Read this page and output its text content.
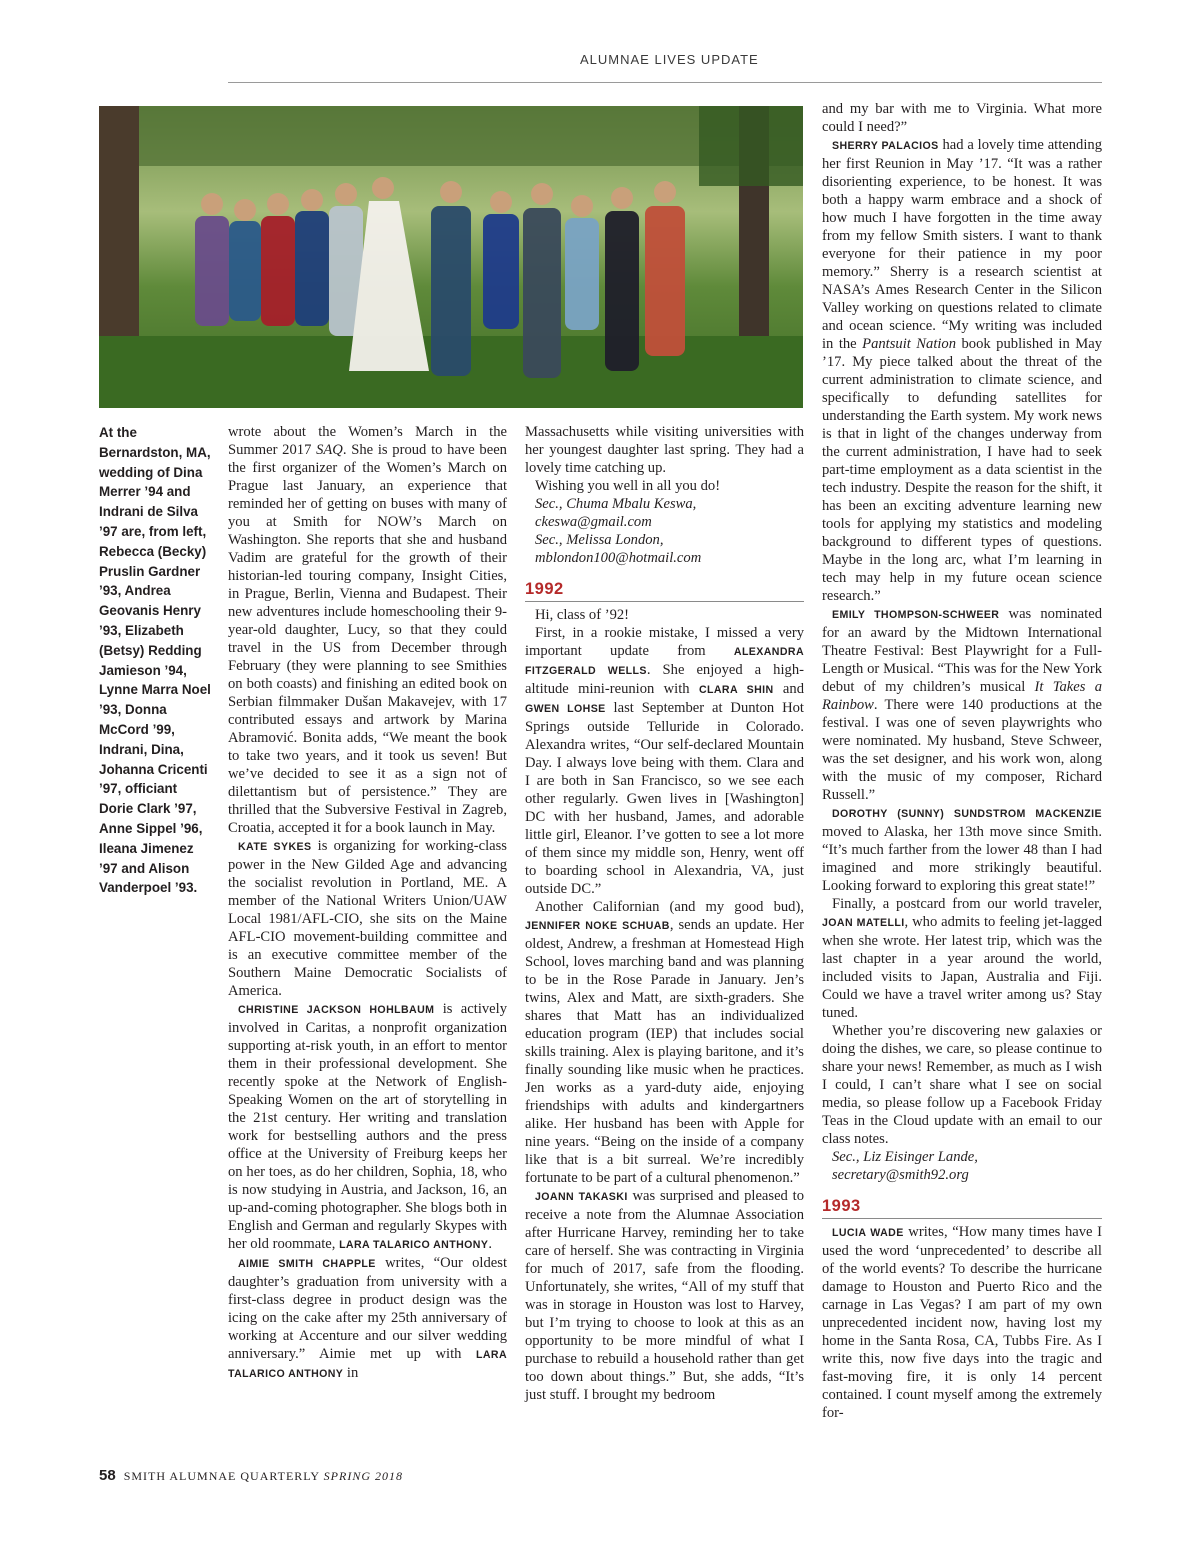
ALUMNAE LIVES UPDATE
At the Bernardston, MA, wedding of Dina Merrer ’94 and Indrani de Silva ’97 are, from left, Rebecca (Becky) Pruslin Gardner ’93, Andrea Geovanis Henry ’93, Elizabeth (Betsy) Redding Jamieson ’94, Lynne Marra Noel ’93, Donna McCord ’99, Indrani, Dina, Johanna Cricenti ’97, officiant Dorie Clark ’97, Anne Sippel ’96, Ileana Jimenez ’97 and Alison Vanderpoel ’93.

wrote about the Women’s March in the Summer 2017 SAQ. She is proud to have been the first organizer of the Women’s March on Prague last January, an experience that reminded her of getting on buses with many of you at Smith for NOW’s March on Washington. She reports that she and husband Vadim are grateful for the growth of their historian-led touring company, Insight Cities, in Prague, Berlin, Vienna and Budapest. Their new adventures include homeschooling their 9-year-old daughter, Lucy, so that they could travel in the US from December through February (they were planning to see Smithies on both coasts) and finishing an edited book on Serbian filmmaker Dušan Makavejev, with 17 contributed essays and artwork by Marina Abramović. Bonita adds, “We meant the book to take two years, and it took us seven! But we’ve decided to see it as a sign not of dilettantism but of persistence.” They are thrilled that the Subversive Festival in Zagreb, Croatia, accepted it for a book launch in May.

KATE SYKES is organizing for working-class power in the New Gilded Age and advancing the socialist revolution in Portland, ME. A member of the National Writers Union/UAW Local 1981/AFL-CIO, she sits on the Maine AFL-CIO movement-building committee and is an executive committee member of the Southern Maine Democratic Socialists of America.

CHRISTINE JACKSON HOHLBAUM is actively involved in Caritas, a nonprofit organization supporting at-risk youth, in an effort to mentor them in their professional development. She recently spoke at the Network of English-Speaking Women on the art of storytelling in the 21st century. Her writing and translation work for bestselling authors and the press office at the University of Freiburg keeps her on her toes, as do her children, Sophia, 18, who is now studying in Austria, and Jackson, 16, an up-and-coming photographer. She blogs both in English and German and regularly Skypes with her old roommate, LARA TALARICO ANTHONY.

AIMIE SMITH CHAPPLE writes, “Our oldest daughter’s graduation from university with a first-class degree in product design was the icing on the cake after my 25th anniversary of working at Accenture and our silver wedding anniversary.” Aimie met up with LARA TALARICO ANTHONY in

Massachusetts while visiting universities with her youngest daughter last spring. They had a lovely time catching up.

Wishing you well in all you do!

Sec., Chuma Mbalu Keswa,

ckeswa@gmail.com

Sec., Melissa London,

mblondon100@hotmail.com

1992

Hi, class of ’92!

First, in a rookie mistake, I missed a very important update from ALEXANDRA FITZGERALD WELLS. She enjoyed a high-altitude mini-reunion with CLARA SHIN and GWEN LOHSE last September at Dunton Hot Springs outside Telluride in Colorado. Alexandra writes, “Our self-declared Mountain Day. I always love being with them. Clara and I are both in San Francisco, so we see each other regularly. Gwen lives in [Washington] DC with her husband, James, and adorable little girl, Eleanor. I’ve gotten to see a lot more of them since my middle son, Henry, went off to boarding school in Alexandria, VA, just outside DC.”

Another Californian (and my good bud), JENNIFER NOKE SCHUAB, sends an update. Her oldest, Andrew, a freshman at Homestead High School, loves marching band and was planning to be in the Rose Parade in January. Jen’s twins, Alex and Matt, are sixth-graders. She shares that Matt has an individualized education program (IEP) that includes social skills training. Alex is playing baritone, and it’s finally sounding like music when he practices. Jen works as a yard-duty aide, enjoying friendships with adults and kindergartners alike. Her husband has been with Apple for nine years. “Being on the inside of a company like that is a bit surreal. We’re incredibly fortunate to be part of a cultural phenomenon.”

JOANN TAKASKI was surprised and pleased to receive a note from the Alumnae Association after Hurricane Harvey, reminding her to take care of herself. She was contracting in Virginia for much of 2017, safe from the flooding. Unfortunately, she writes, “All of my stuff that was in storage in Houston was lost to Harvey, but I’m trying to choose to look at this as an opportunity to be more mindful of what I purchase to rebuild a household rather than get too down about things.” But, she adds, “It’s just stuff. I brought my bedroom

and my bar with me to Virginia. What more could I need?”

SHERRY PALACIOS had a lovely time attending her first Reunion in May ’17. “It was a rather disorienting experience, to be honest. It was both a happy warm embrace and a shock of how much I have forgotten in the time away from my fellow Smith sisters. I want to thank everyone for their patience in my poor memory.” Sherry is a research scientist at NASA’s Ames Research Center in the Silicon Valley working on questions related to climate and ocean science. “My writing was included in the Pantsuit Nation book published in May ’17. My piece talked about the threat of the current administration to climate science, and specifically to defunding satellites for understanding the Earth system. My work news is that in light of the changes underway from the current administration, I have had to seek part-time employment as a data scientist in the tech industry. Despite the reason for the shift, it has been an exciting adventure learning new tools for applying my statistics and modeling background to different types of questions. Maybe in the long arc, what I’m learning in tech may help in my future ocean science research.”

EMILY THOMPSON-SCHWEER was nominated for an award by the Midtown International Theatre Festival: Best Playwright for a Full-Length or Musical. “This was for the New York debut of my children’s musical It Takes a Rainbow. There were 140 productions at the festival. I was one of seven playwrights who were nominated. My husband, Steve Schweer, was the set designer, and his work won, along with the music of my composer, Richard Russell.”

DOROTHY (SUNNY) SUNDSTROM MACKENZIE moved to Alaska, her 13th move since Smith. “It’s much farther from the lower 48 than I had imagined and more strikingly beautiful. Looking forward to exploring this great state!”

Finally, a postcard from our world traveler, JOAN MATELLI, who admits to feeling jet-lagged when she wrote. Her latest trip, which was the last chapter in a year around the world, included visits to Japan, Australia and Fiji. Could we have a travel writer among us? Stay tuned.

Whether you’re discovering new galaxies or doing the dishes, we care, so please continue to share your news! Remember, as much as I wish I could, I can’t share what I see on social media, so please follow up a Facebook Friday Teas in the Cloud update with an email to our class notes.

Sec., Liz Eisinger Lande,

secretary@smith92.org

1993

LUCIA WADE writes, “How many times have I used the word ‘unprecedented’ to describe all of the world events? To describe the hurricane damage to Houston and Puerto Rico and the carnage in Las Vegas? I am part of my own unprecedented incident now, having lost my home in the Santa Rosa, CA, Tubbs Fire. As I write this, now five days into the tragic and fast-moving fire, it is only 14 percent contained. I count myself among the extremely for-

58 SMITH ALUMNAE QUARTERLY SPRING 2018
